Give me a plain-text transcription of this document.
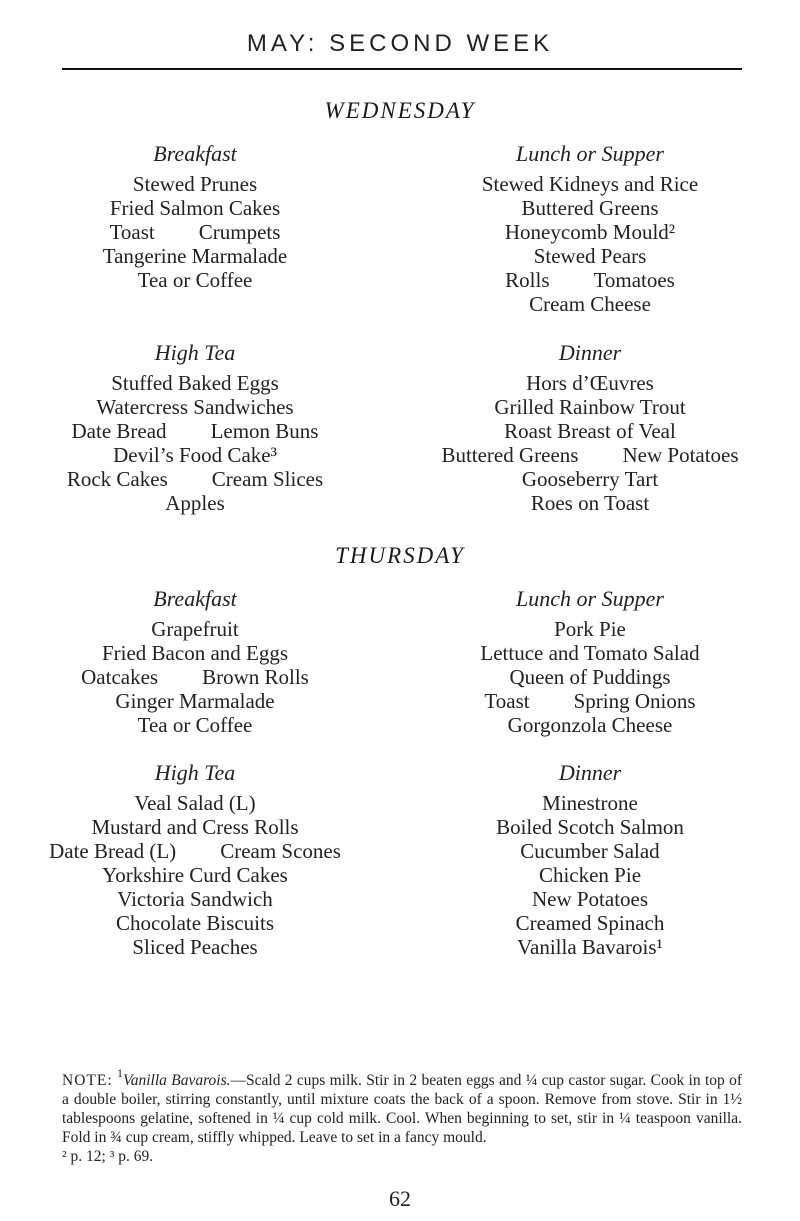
MAY: SECOND WEEK
WEDNESDAY
Breakfast
Stewed Prunes
Fried Salmon Cakes
Toast Crumpets
Tangerine Marmalade
Tea or Coffee
Lunch or Supper
Stewed Kidneys and Rice
Buttered Greens
Honeycomb Mould²
Stewed Pears
Rolls Tomatoes
Cream Cheese
High Tea
Stuffed Baked Eggs
Watercress Sandwiches
Date Bread Lemon Buns
Devil’s Food Cake³
Rock Cakes Cream Slices
Apples
Dinner
Hors d’Œuvres
Grilled Rainbow Trout
Roast Breast of Veal
Buttered Greens New Potatoes
Gooseberry Tart
Roes on Toast
THURSDAY
Breakfast
Grapefruit
Fried Bacon and Eggs
Oatcakes Brown Rolls
Ginger Marmalade
Tea or Coffee
Lunch or Supper
Pork Pie
Lettuce and Tomato Salad
Queen of Puddings
Toast Spring Onions
Gorgonzola Cheese
High Tea
Veal Salad (L)
Mustard and Cress Rolls
Date Bread (L) Cream Scones
Yorkshire Curd Cakes
Victoria Sandwich
Chocolate Biscuits
Sliced Peaches
Dinner
Minestrone
Boiled Scotch Salmon
Cucumber Salad
Chicken Pie
New Potatoes
Creamed Spinach
Vanilla Bavarois¹
NOTE: $^1$Vanilla Bavarois.—Scald 2 cups milk. Stir in 2 beaten eggs and ¼ cup castor sugar. Cook in top of a double boiler, stirring constantly, until mixture coats the back of a spoon. Remove from stove. Stir in 1½ tablespoons gelatine, softened in ¼ cup cold milk. Cool. When beginning to set, stir in ¼ teaspoon vanilla. Fold in ¾ cup cream, stiffly whipped. Leave to set in a fancy mould.
² p. 12; ³ p. 69.
62
